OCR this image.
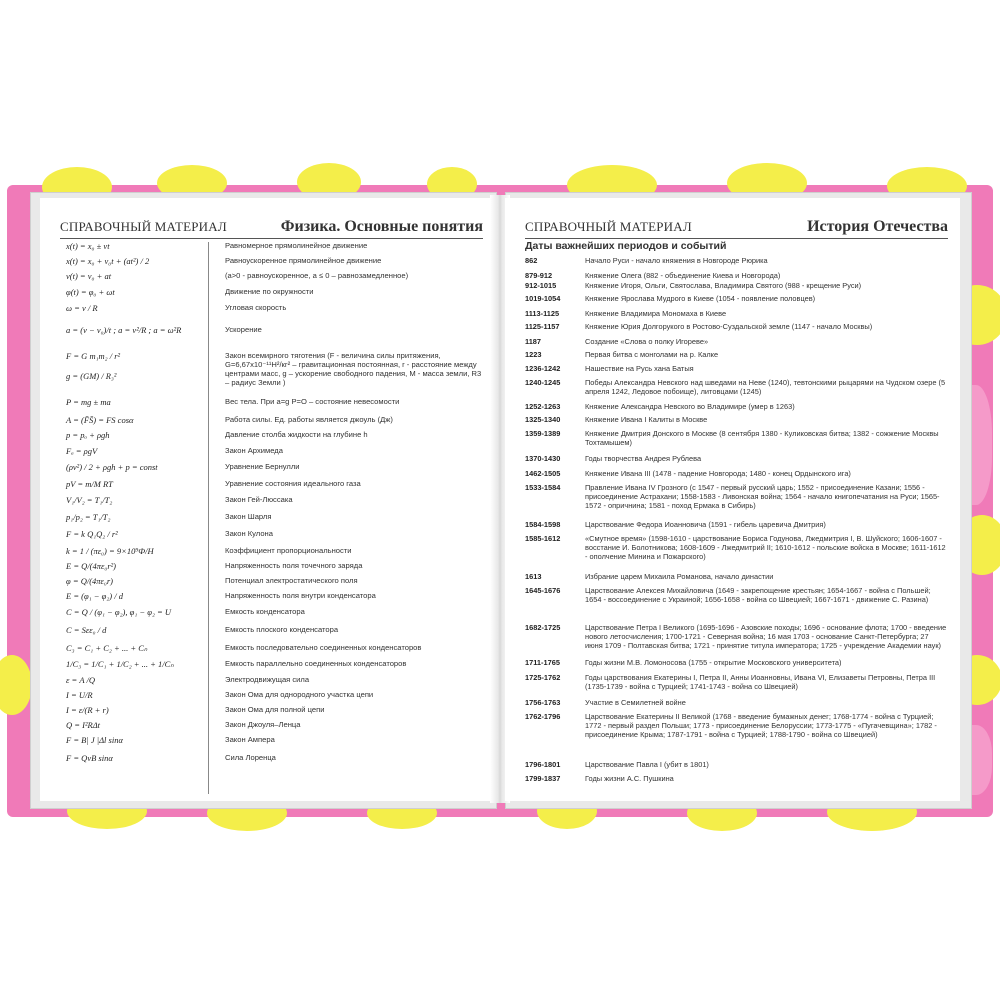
СПРАВОЧНЫЙ МАТЕРИАЛ	Физика. Основные понятия
x(t) = x₀ ± vt	Равномерное прямолинейное движение
x(t) = x₀ + v₀t + (at²) / 2	Равноускоренное прямолинейное движение
v(t) = v₀ + at	(a>0 - равноускоренное, a ≤ 0 – равнозамедленное)
φ(t) = φ₀ + ωt	Движение по окружности
ω = v / R	Угловая скорость
a = (v − v₀)/t ; a = v²/R ; a = ω²R	Ускорение
F = G m₁m₂ / r²	Закон всемирного тяготения (F - величина силы притяжения, G=6,67x10⁻¹¹Н²/кг² – гравитационная постоянная, r - расстояние между центрами масс, g – ускорение свободного падения, M - масса земли, R3 – радиус Земли )
g = (GM) / R₃²
P = mg ± ma	Вес тела. При a=g P=O – состояние невесомости
A = (F̄S̄) = FS cosα	Работа силы. Ед. работы является джоуль (Дж)
p = pₐ + ρgh	Давление столба жидкости на глубине h
Fₐ = ρgV	Закон Архимеда
(ρv²) / 2 + ρgh + p = const	Уравнение Бернулли
pV = m/M RT	Уравнение состояния идеального газа
V₁/V₂ = T₁/T₂	Закон Гей-Люссака
p₁/p₂ = T₁/T₂	Закон Шарля
F = k Q₁Q₂ / r²	Закон Кулона
k = 1 / (πε₀) = 9×10⁹Ф/Н	Коэффициент пропорциональности
E = Q/(4πε₀r²)	Напряженность поля точечного заряда
φ = Q/(4πε₀r)	Потенциал электростатического поля
E = (φ₁ − φ₂) / d	Напряженность поля внутри конденсатора
C = Q / (φ₁ − φ₂), φ₁ − φ₂ = U	Емкость конденсатора
C = Sεε₀ / d	Емкость плоского конденсатора
C₃ = C₁ + C₂ + ... + Cₙ	Емкость последовательно соединенных конденсаторов
1/C₃ = 1/C₁ + 1/C₂ + ... + 1/Cₙ	Емкость параллельно соединенных конденсаторов
ε = A /Q	Электродвижущая сила
I = U/R	Закон Ома для однородного участка цепи
I = ε/(R + r)	Закон Ома для полной цепи
Q = I²RΔt	Закон Джоуля–Ленца
F = B| J |Δl sinα	Закон Ампера
F = QvB sinα	Сила Лоренца
СПРАВОЧНЫЙ МАТЕРИАЛ	История Отечества
Даты важнейших периодов и событий
862	Начало Руси - начало княжения в Новгороде Рюрика
879-912	Княжение Олега (882 - объединение Киева и Новгорода)
912-1015	Княжение Игоря, Ольги, Святослава, Владимира Святого (988 - крещение Руси)
1019-1054	Княжение Ярослава Мудрого в Киеве (1054 - появление половцев)
1113-1125	Княжение Владимира Мономаха в Киеве
1125-1157	Княжение Юрия Долгорукого в Ростово-Суздальской земле (1147 - начало Москвы)
1187	Создание «Слова о полку Игореве»
1223	Первая битва с монголами на р. Калке
1236-1242	Нашествие на Русь хана Батыя
1240-1245	Победы Александра Невского над шведами на Неве (1240), тевтонскими рыцарями на Чудском озере (5 апреля 1242, Ледовое побоище), литовцами (1245)
1252-1263	Княжение Александра Невского во Владимире (умер в 1263)
1325-1340	Княжение Ивана I Калиты в Москве
1359-1389	Княжение Дмитрия Донского в Москве (8 сентября 1380 - Куликовская битва; 1382 - сожжение Москвы Тохтамышем)
1370-1430	Годы творчества Андрея Рублева
1462-1505	Княжение Ивана III (1478 - падение Новгорода; 1480 - конец Ордынского ига)
1533-1584	Правление Ивана IV Грозного (с 1547 - первый русский царь; 1552 - присоединение Казани; 1556 - присоединение Астрахани; 1558-1583 - Ливонская война; 1564 - начало книгопечатания на Руси; 1565-1572 - опричнина; 1581 - поход Ермака в Сибирь)
1584-1598	Царствование Федора Иоанновича (1591 - гибель царевича Дмитрия)
1585-1612	«Смутное время» (1598-1610 - царствование Бориса Годунова, Лжедмитрия I, В. Шуйского; 1606-1607 - восстание И. Болотникова; 1608-1609 - Лжедмитрий II; 1610-1612 - польские войска в Москве; 1611-1612 - ополчение Минина и Пожарского)
1613	Избрание царем Михаила Романова, начало династии
1645-1676	Царствование Алексея Михайловича (1649 - закрепощение крестьян; 1654-1667 - война с Польшей; 1654 - воссоединение с Украиной; 1656-1658 - война со Швецией; 1667-1671 - движение С. Разина)
1682-1725	Царствование Петра I Великого (1695-1696 - Азовские походы; 1696 - основание флота; 1700 - введение нового летосчисления; 1700-1721 - Северная война; 16 мая 1703 - основание Санкт-Петербурга; 27 июня 1709 - Полтавская битва; 1721 - принятие титула императора; 1725 - учреждение Академии наук)
1711-1765	Годы жизни М.В. Ломоносова (1755 - открытие Московского университета)
1725-1762	Годы царствования Екатерины I, Петра II, Анны Иоанновны, Ивана VI, Елизаветы Петровны, Петра III (1735-1739 - война с Турцией; 1741-1743 - война со Швецией)
1756-1763	Участие в Семилетней войне
1762-1796	Царствование Екатерины II Великой (1768 - введение бумажных денег; 1768-1774 - война с Турцией; 1772 - первый раздел Польши; 1773 - присоединение Белоруссии; 1773-1775 - «Пугачевщина»; 1782 - присоединение Крыма; 1787-1791 - война с Турцией; 1788-1790 - война со Швецией)
1796-1801	Царствование Павла I (убит в 1801)
1799-1837	Годы жизни А.С. Пушкина
